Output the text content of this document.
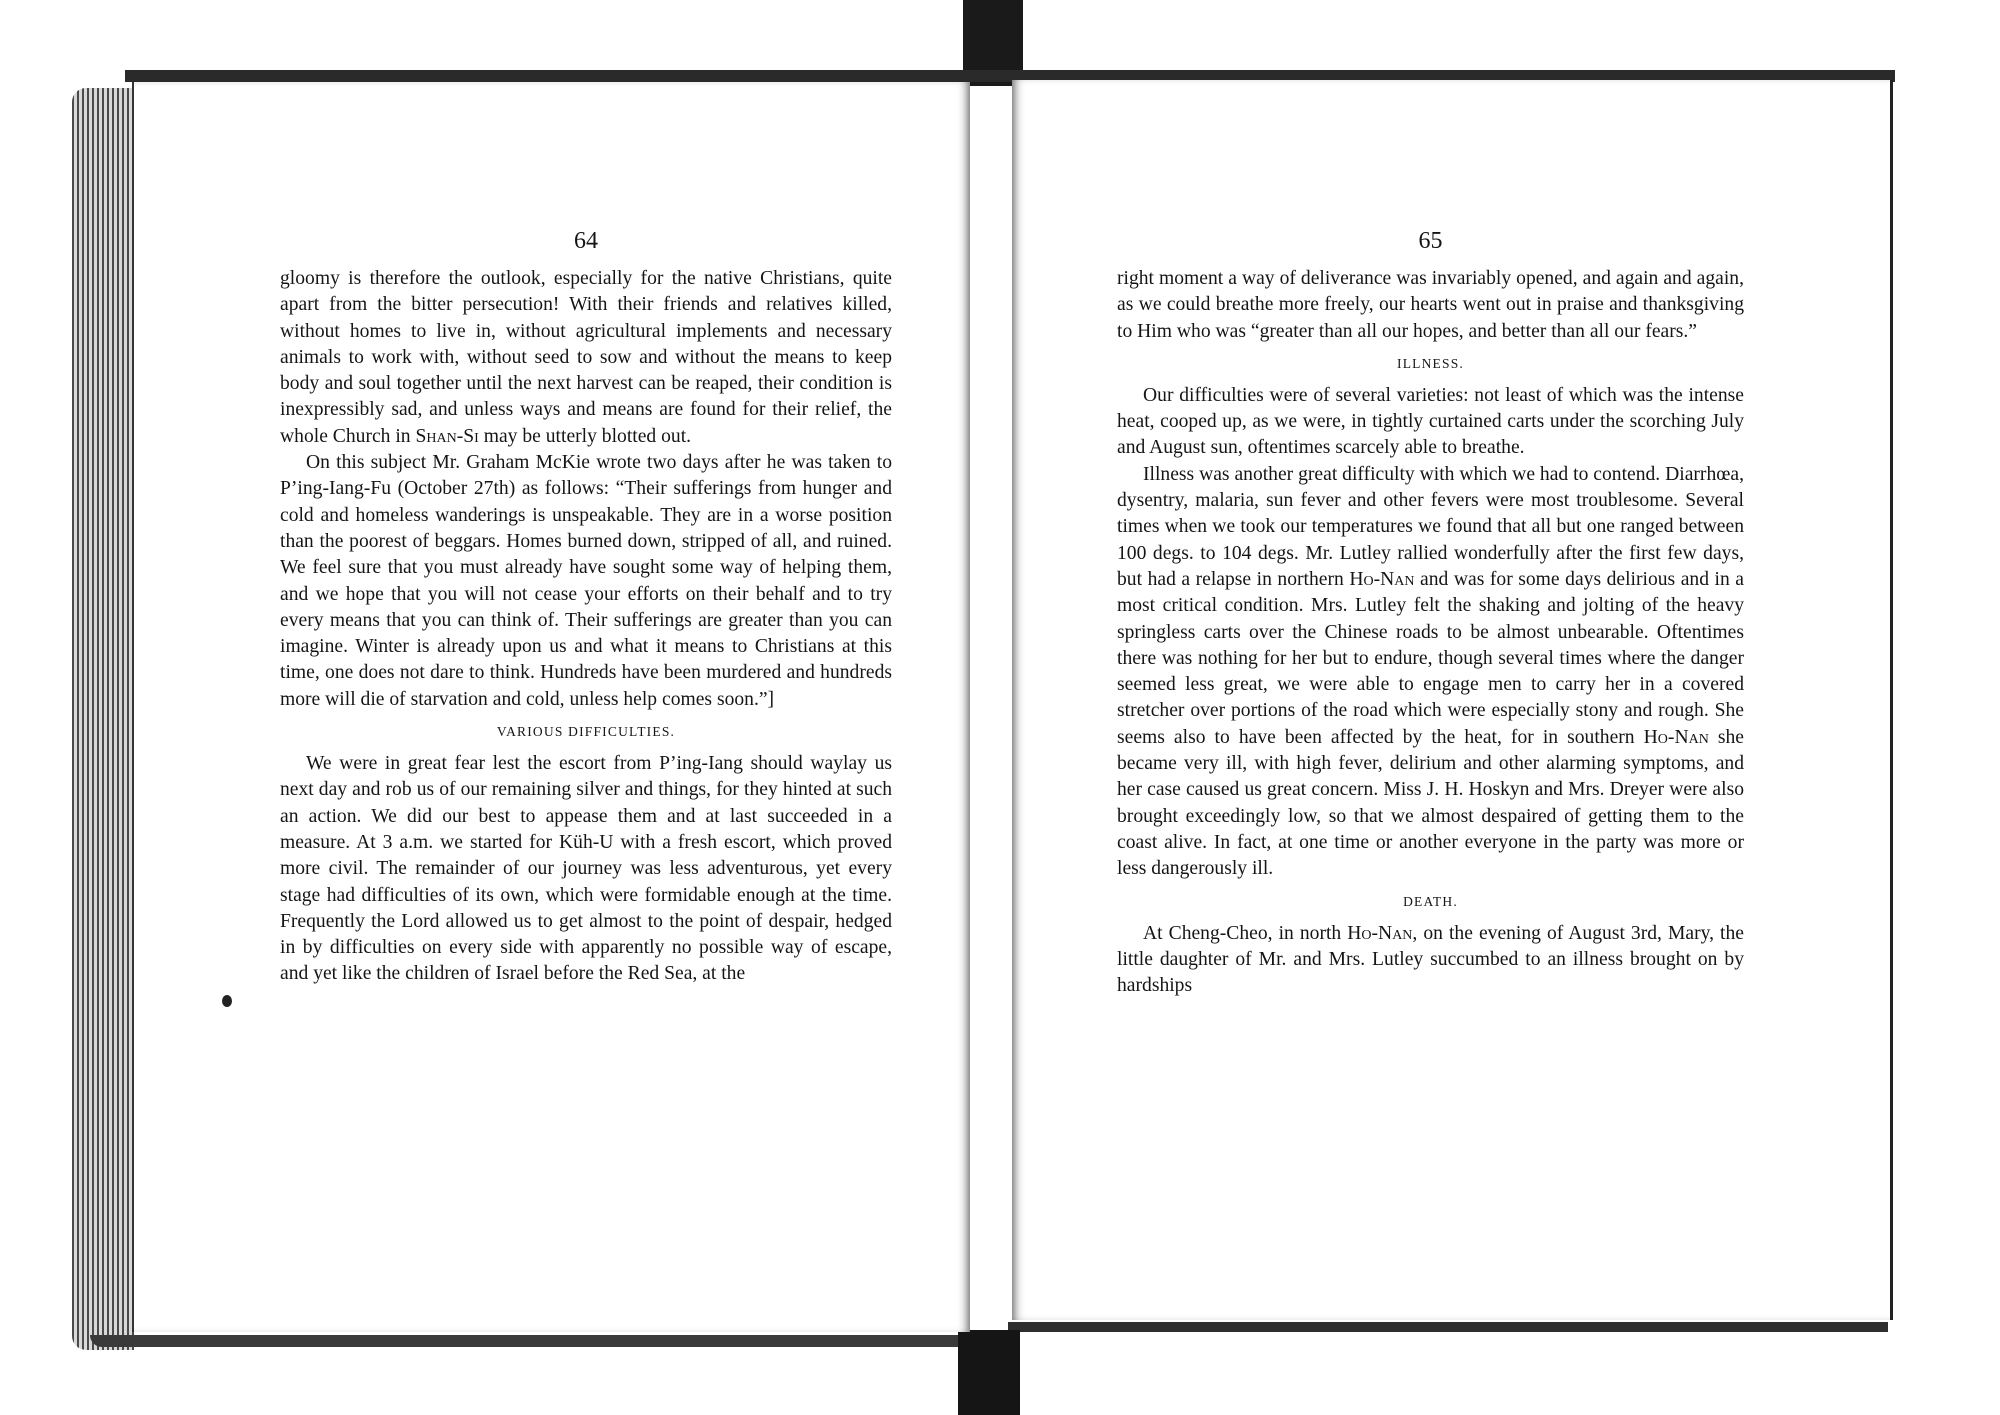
64

gloomy is therefore the outlook, especially for the native Christians, quite apart from the bitter persecution! With their friends and relatives killed, without homes to live in, without agricultural implements and necessary animals to work with, without seed to sow and without the means to keep body and soul together until the next harvest can be reaped, their condition is inexpressibly sad, and unless ways and means are found for their relief, the whole Church in Shan-Si may be utterly blotted out.

On this subject Mr. Graham McKie wrote two days after he was taken to P’ing-Iang-Fu (October 27th) as follows: “Their sufferings from hunger and cold and homeless wanderings is unspeakable. They are in a worse position than the poorest of beggars. Homes burned down, stripped of all, and ruined. We feel sure that you must already have sought some way of helping them, and we hope that you will not cease your efforts on their behalf and to try every means that you can think of. Their sufferings are greater than you can imagine. Winter is already upon us and what it means to Christians at this time, one does not dare to think. Hundreds have been murdered and hundreds more will die of starvation and cold, unless help comes soon.”]

VARIOUS DIFFICULTIES.

We were in great fear lest the escort from P’ing-Iang should waylay us next day and rob us of our remaining silver and things, for they hinted at such an action. We did our best to appease them and at last succeeded in a measure. At 3 a.m. we started for Küh-U with a fresh escort, which proved more civil. The remainder of our journey was less adventurous, yet every stage had difficulties of its own, which were formidable enough at the time. Frequently the Lord allowed us to get almost to the point of despair, hedged in by difficulties on every side with apparently no possible way of escape, and yet like the children of Israel before the Red Sea, at the

65

right moment a way of deliverance was invariably opened, and again and again, as we could breathe more freely, our hearts went out in praise and thanksgiving to Him who was “greater than all our hopes, and better than all our fears.”

ILLNESS.

Our difficulties were of several varieties: not least of which was the intense heat, cooped up, as we were, in tightly curtained carts under the scorching July and August sun, oftentimes scarcely able to breathe.

Illness was another great difficulty with which we had to contend. Diarrhœa, dysentry, malaria, sun fever and other fevers were most troublesome. Several times when we took our temperatures we found that all but one ranged between 100 degs. to 104 degs. Mr. Lutley rallied wonderfully after the first few days, but had a relapse in northern Ho-Nan and was for some days delirious and in a most critical condition. Mrs. Lutley felt the shaking and jolting of the heavy springless carts over the Chinese roads to be almost unbearable. Oftentimes there was nothing for her but to endure, though several times where the danger seemed less great, we were able to engage men to carry her in a covered stretcher over portions of the road which were especially stony and rough. She seems also to have been affected by the heat, for in southern Ho-Nan she became very ill, with high fever, delirium and other alarming symptoms, and her case caused us great concern. Miss J. H. Hoskyn and Mrs. Dreyer were also brought exceedingly low, so that we almost despaired of getting them to the coast alive. In fact, at one time or another everyone in the party was more or less dangerously ill.

DEATH.

At Cheng-Cheo, in north Ho-Nan, on the evening of August 3rd, Mary, the little daughter of Mr. and Mrs. Lutley succumbed to an illness brought on by hardships
